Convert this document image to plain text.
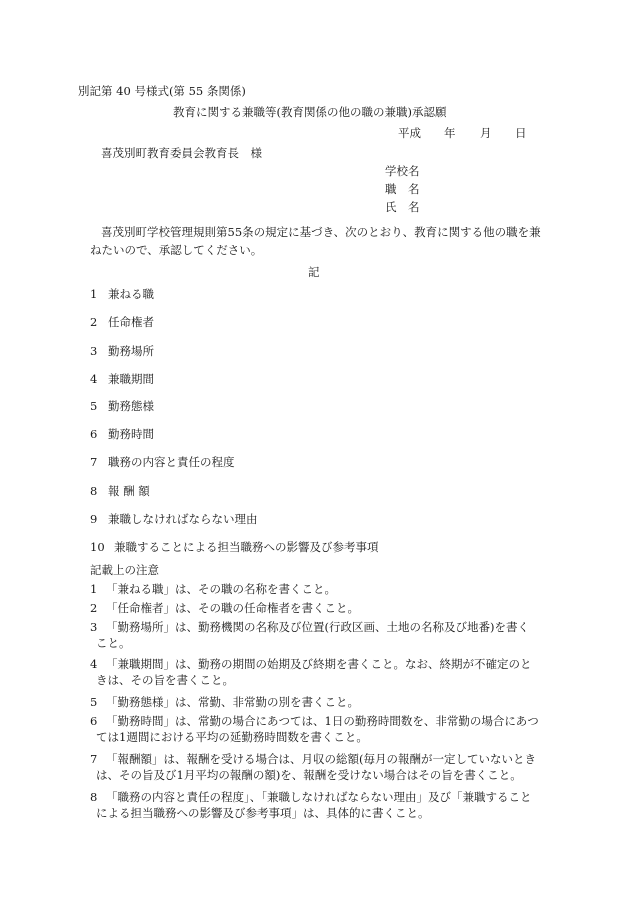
別記第 40 号様式(第 55 条関係)
教育に関する兼職等(教育関係の他の職の兼職)承認願
平成 年 月 日
喜茂別町教育委員会教育長　様
学校名
職　名
氏　名
喜茂別町学校管理規則第55条の規定に基づき、次のとおり、教育に関する他の職を兼
ねたいので、承認してください。
記
1 兼ねる職
2 任命権者
3 勤務場所
4 兼職期間
5 勤務態様
6 勤務時間
7 職務の内容と責任の程度
8 報 酬 額
9 兼職しなければならない理由
10 兼職することによる担当職務への影響及び参考事項
記載上の注意
1 「兼ねる職」は、その職の名称を書くこと。
2 「任命権者」は、その職の任命権者を書くこと。
3 「勤務場所」は、勤務機関の名称及び位置(行政区画、土地の名称及び地番)を書く
こと。
4 「兼職期間」は、勤務の期間の始期及び終期を書くこと。なお、終期が不確定のと
きは、その旨を書くこと。
5 「勤務態様」は、常勤、非常勤の別を書くこと。
6 「勤務時間」は、常勤の場合にあつては、1日の勤務時間数を、非常勤の場合にあつ
ては1週間における平均の延勤務時間数を書くこと。
7 「報酬額」は、報酬を受ける場合は、月収の総額(毎月の報酬が一定していないとき
は、その旨及び1月平均の報酬の額)を、報酬を受けない場合はその旨を書くこと。
8 「職務の内容と責任の程度」、「兼職しなければならない理由」及び「兼職すること
による担当職務への影響及び参考事項」は、具体的に書くこと。
